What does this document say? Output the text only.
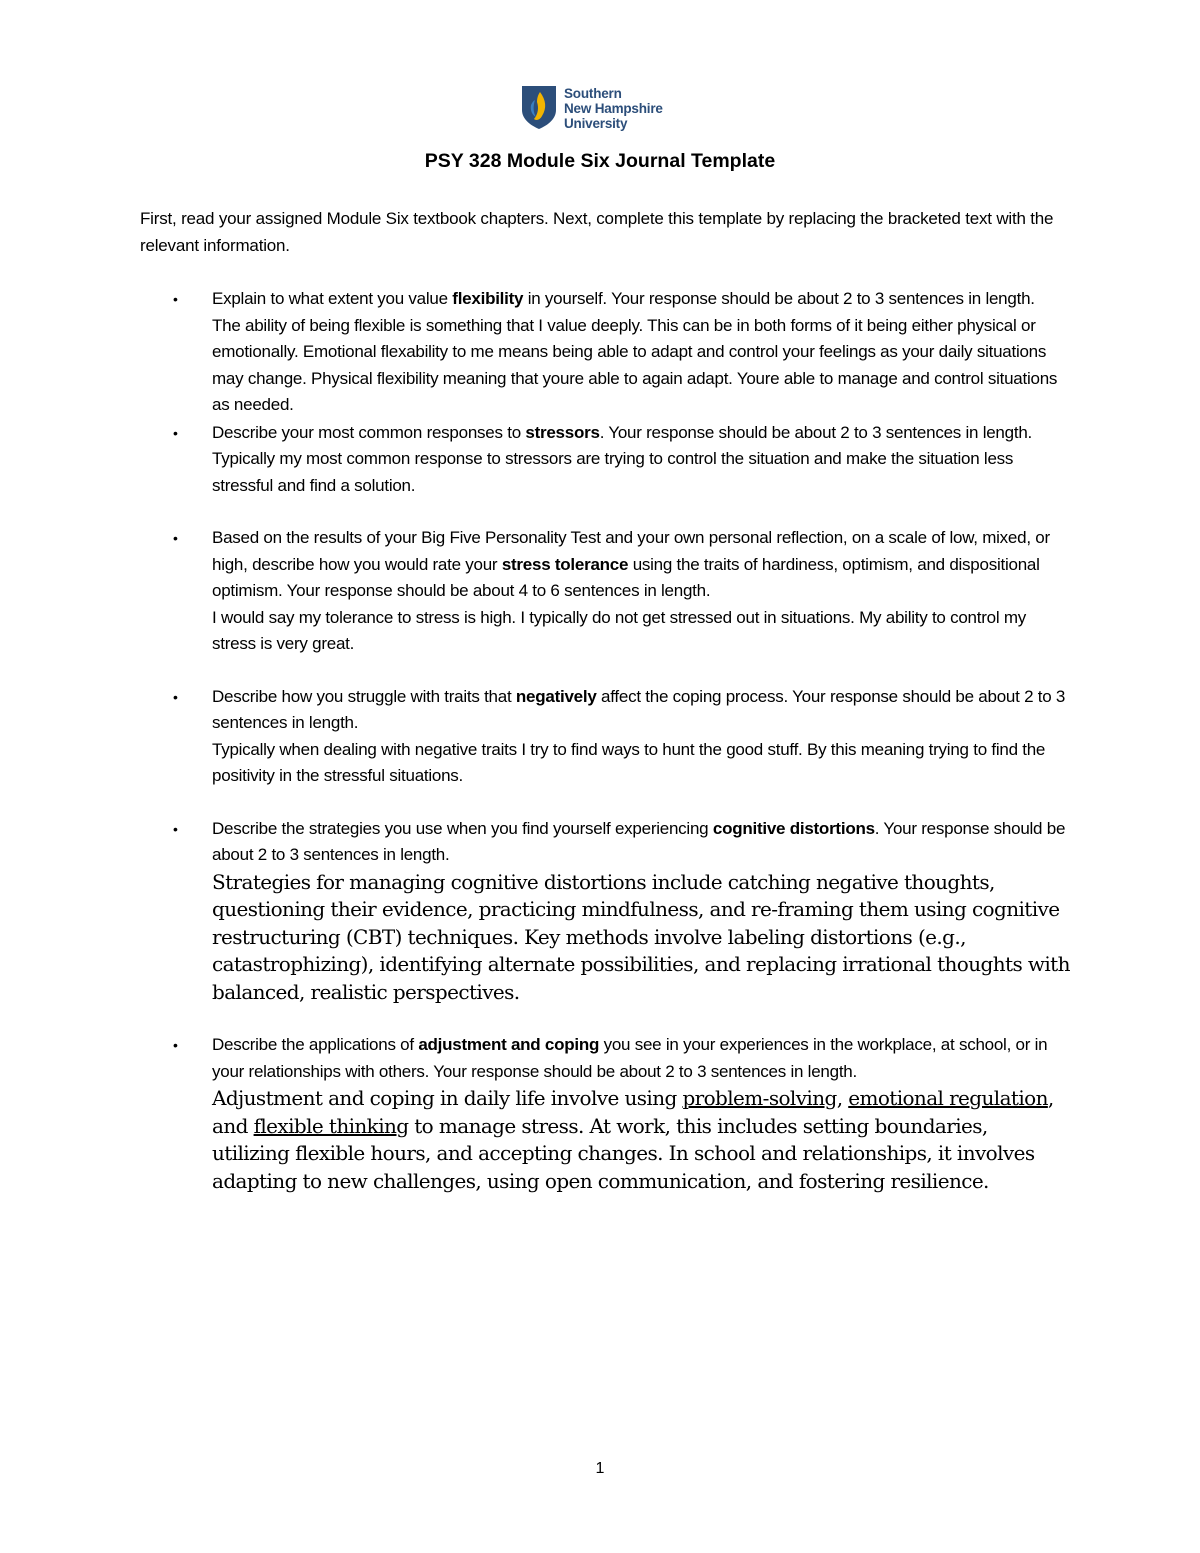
Southern
New Hampshire
University
PSY 328 Module Six Journal Template
First, read your assigned Module Six textbook chapters. Next, complete this template by replacing the bracketed text with the relevant information.
• Explain to what extent you value flexibility in yourself. Your response should be about 2 to 3 sentences in length.
The ability of being flexible is something that I value deeply. This can be in both forms of it being either physical or emotionally. Emotional flexability to me means being able to adapt and control your feelings as your daily situations may change. Physical flexibility meaning that youre able to again adapt. Youre able to manage and control situations as needed.
• Describe your most common responses to stressors. Your response should be about 2 to 3 sentences in length.
Typically my most common response to stressors are trying to control the situation and make the situation less stressful and find a solution.
• Based on the results of your Big Five Personality Test and your own personal reflection, on a scale of low, mixed, or high, describe how you would rate your stress tolerance using the traits of hardiness, optimism, and dispositional optimism. Your response should be about 4 to 6 sentences in length.
I would say my tolerance to stress is high. I typically do not get stressed out in situations. My ability to control my stress is very great.
• Describe how you struggle with traits that negatively affect the coping process. Your response should be about 2 to 3 sentences in length.
Typically when dealing with negative traits I try to find ways to hunt the good stuff. By this meaning trying to find the positivity in the stressful situations.
• Describe the strategies you use when you find yourself experiencing cognitive distortions. Your response should be about 2 to 3 sentences in length.

Strategies for managing cognitive distortions include catching negative thoughts, questioning their evidence, practicing mindfulness, and re-framing them using cognitive restructuring (CBT) techniques. Key methods involve labeling distortions (e.g., catastrophizing), identifying alternate possibilities, and replacing irrational thoughts with balanced, realistic perspectives.
• Describe the applications of adjustment and coping you see in your experiences in the workplace, at school, or in your relationships with others. Your response should be about 2 to 3 sentences in length.

Adjustment and coping in daily life involve using problem-solving, emotional regulation, and flexible thinking to manage stress. At work, this includes setting boundaries, utilizing flexible hours, and accepting changes. In school and relationships, it involves adapting to new challenges, using open communication, and fostering resilience.
1
